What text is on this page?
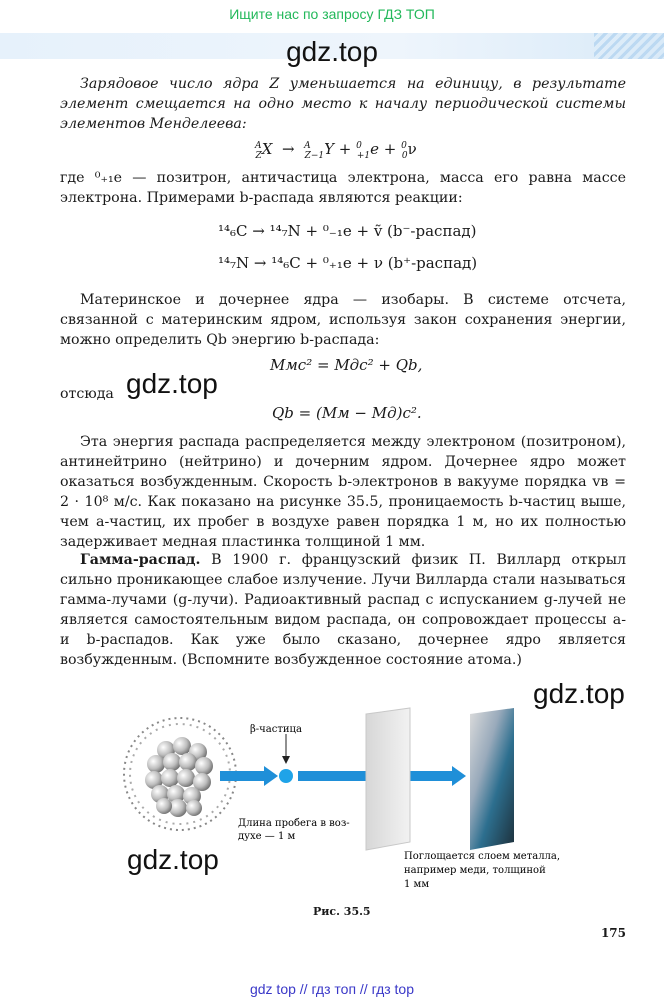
Ищите нас по запросу ГДЗ ТОП
gdz.top

Зарядовое число ядра Z уменьшается на единицу, в результате элемент смещается на одно место к началу периодической системы элементов Менделеева:

$^A_Z$X  →  $^A_{Z-1}$Y + $^0_{+1}$e + $^0_0$ν

где ⁰₊₁e — позитрон, античастица электрона, масса его равна массе электрона. Примерами b-распада являются реакции:

¹⁴₆C → ¹⁴₇N + ⁰₋₁e + ṽ (b⁻-распад)
¹⁴₇N → ¹⁴₆C + ⁰₊₁e + ν (b⁺-распад)

Материнское и дочернее ядра — изобары. В системе отсчета, связанной с материнским ядром, используя закон сохранения энергии, можно определить Qb энергию b-распада:

Mмc² = Mдc² + Qb,
отсюда gdz.top
Qb = (Mм − Mд)c².

Эта энергия распада распределяется между электроном (позитроном), антинейтрино (нейтрино) и дочерним ядром. Дочернее ядро может оказаться возбужденным. Скорость b-электронов в вакууме порядка vв = 2 · 10⁸ м/с. Как показано на рисунке 35.5, проницаемость b-частиц выше, чем a-частиц, их пробег в воздухе равен порядка 1 м, но их полностью задерживает медная пластинка толщиной 1 мм.

Гамма-распад. В 1900 г. французский физик П. Виллард открыл сильно проникающее слабое излучение. Лучи Вилларда стали называться гамма-лучами (g-лучи). Радиоактивный распад с испусканием g-лучей не является самостоятельным видом распада, он сопровождает процессы a- и b-распадов. Как уже было сказано, дочернее ядро является возбужденным. (Вспомните возбужденное состояние атома.)

gdz.top
β-частица
Длина пробега в воз-
духе — 1 м
Поглощается слоем металла,
например меди, толщиной
1 мм
gdz.top
Рис. 35.5
175
gdz top // гдз топ // гдз top
